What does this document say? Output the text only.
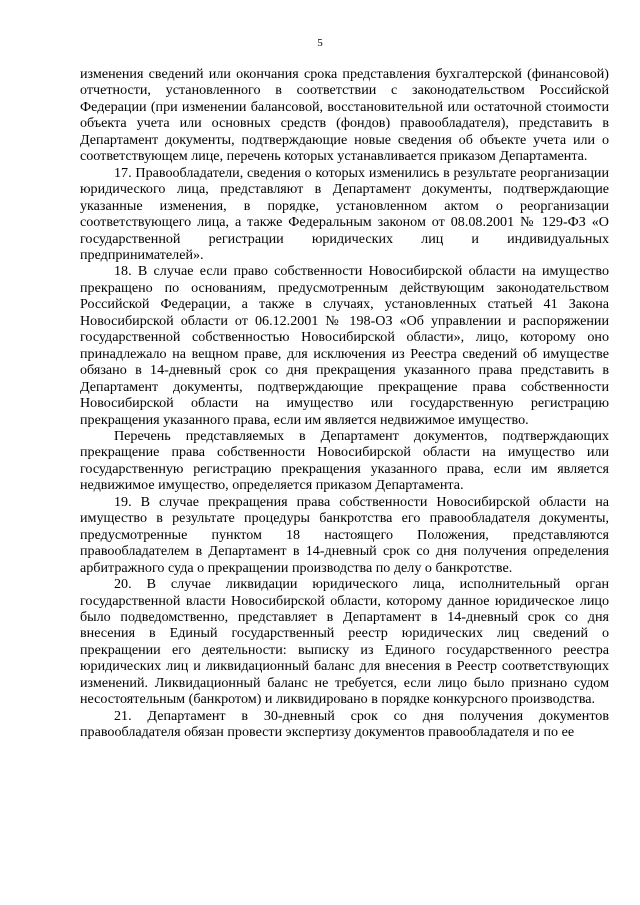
5

изменения сведений или окончания срока представления бухгалтерской (финансовой) отчетности, установленного в соответствии с законодательством Российской Федерации (при изменении балансовой, восстановительной или остаточной стоимости объекта учета или основных средств (фондов) правообладателя), представить в Департамент документы, подтверждающие новые сведения об объекте учета или о соответствующем лице, перечень которых устанавливается приказом Департамента.

17. Правообладатели, сведения о которых изменились в результате реорганизации юридического лица, представляют в Департамент документы, подтверждающие указанные изменения, в порядке, установленном актом о реорганизации соответствующего лица, а также Федеральным законом от 08.08.2001 № 129-ФЗ «О государственной регистрации юридических лиц и индивидуальных предпринимателей».

18. В случае если право собственности Новосибирской области на имущество прекращено по основаниям, предусмотренным действующим законодательством Российской Федерации, а также в случаях, установленных статьей 41 Закона Новосибирской области от 06.12.2001 № 198-ОЗ «Об управлении и распоряжении государственной собственностью Новосибирской области», лицо, которому оно принадлежало на вещном праве, для исключения из Реестра сведений об имуществе обязано в 14-дневный срок со дня прекращения указанного права представить в Департамент документы, подтверждающие прекращение права собственности Новосибирской области на имущество или государственную регистрацию прекращения указанного права, если им является недвижимое имущество.

Перечень представляемых в Департамент документов, подтверждающих прекращение права собственности Новосибирской области на имущество или государственную регистрацию прекращения указанного права, если им является недвижимое имущество, определяется приказом Департамента.

19. В случае прекращения права собственности Новосибирской области на имущество в результате процедуры банкротства его правообладателя документы, предусмотренные пунктом 18 настоящего Положения, представляются правообладателем в Департамент в 14-дневный срок со дня получения определения арбитражного суда о прекращении производства по делу о банкротстве.

20. В случае ликвидации юридического лица, исполнительный орган государственной власти Новосибирской области, которому данное юридическое лицо было подведомственно, представляет в Департамент в 14-дневный срок со дня внесения в Единый государственный реестр юридических лиц сведений о прекращении его деятельности: выписку из Единого государственного реестра юридических лиц и ликвидационный баланс для внесения в Реестр соответствующих изменений. Ликвидационный баланс не требуется, если лицо было признано судом несостоятельным (банкротом) и ликвидировано в порядке конкурсного производства.

21. Департамент в 30-дневный срок со дня получения документов правообладателя обязан провести экспертизу документов правообладателя и по ее
